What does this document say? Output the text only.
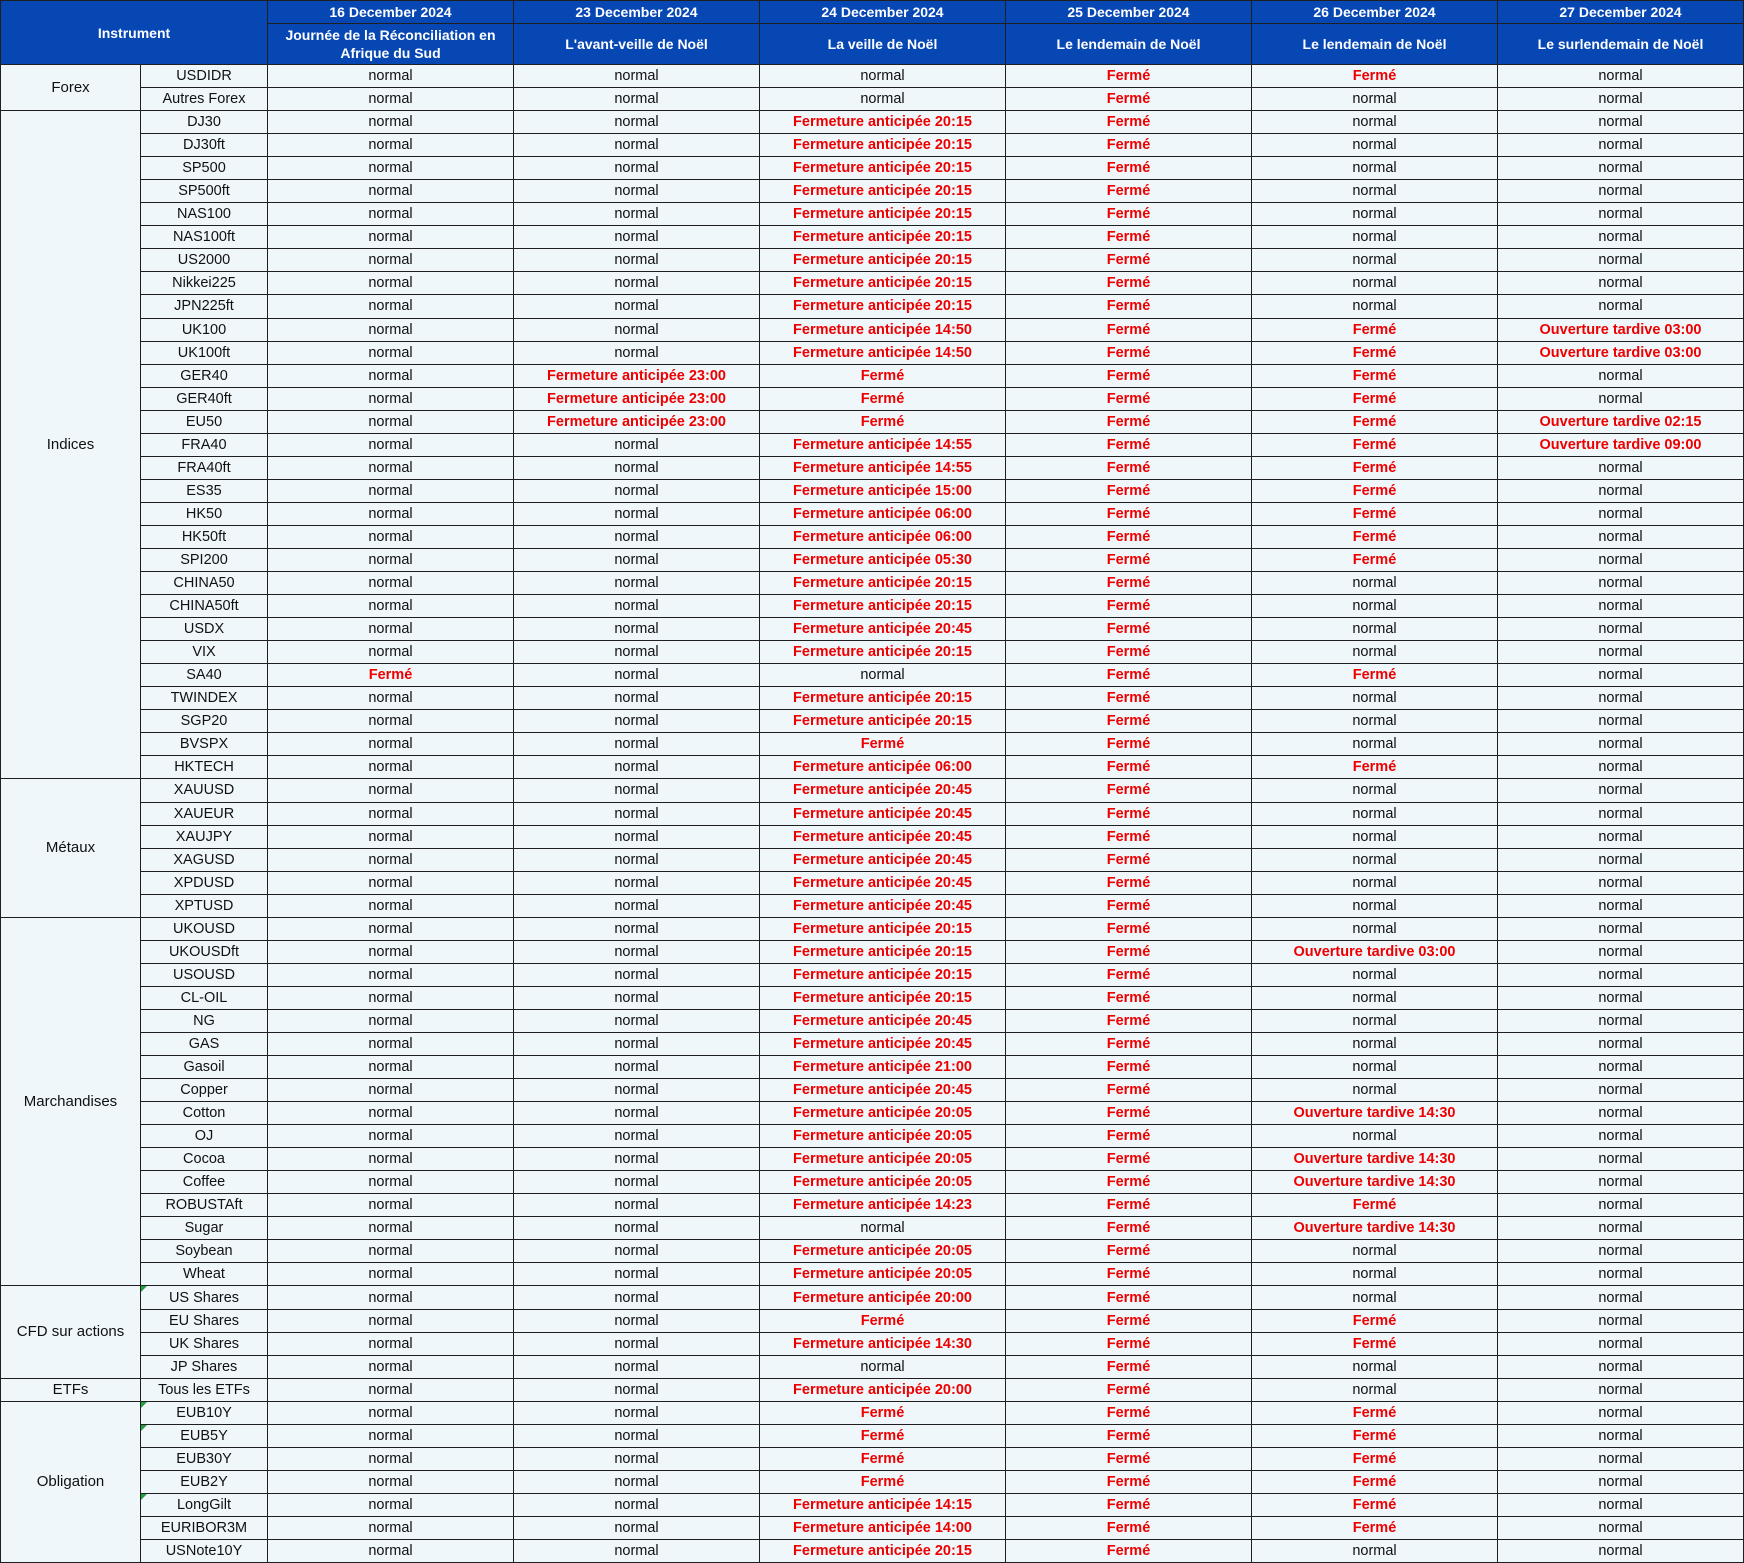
Instrument		16 December 2024	23 December 2024	24 December 2024	25 December 2024	26 December 2024	27 December 2024
		Journée de la Réconciliation en Afrique du Sud	L'avant-veille de Noël	La veille de Noël	Le lendemain de Noël	Le lendemain de Noël	Le surlendemain de Noël
Forex	USDIDR	normal	normal	normal	Fermé	Fermé	normal
	Autres Forex	normal	normal	normal	Fermé	normal	normal
Indices	DJ30	normal	normal	Fermeture anticipée 20:15	Fermé	normal	normal
	DJ30ft	normal	normal	Fermeture anticipée 20:15	Fermé	normal	normal
	SP500	normal	normal	Fermeture anticipée 20:15	Fermé	normal	normal
	SP500ft	normal	normal	Fermeture anticipée 20:15	Fermé	normal	normal
	NAS100	normal	normal	Fermeture anticipée 20:15	Fermé	normal	normal
	NAS100ft	normal	normal	Fermeture anticipée 20:15	Fermé	normal	normal
	US2000	normal	normal	Fermeture anticipée 20:15	Fermé	normal	normal
	Nikkei225	normal	normal	Fermeture anticipée 20:15	Fermé	normal	normal
	JPN225ft	normal	normal	Fermeture anticipée 20:15	Fermé	normal	normal
	UK100	normal	normal	Fermeture anticipée 14:50	Fermé	Fermé	Ouverture tardive 03:00
	UK100ft	normal	normal	Fermeture anticipée 14:50	Fermé	Fermé	Ouverture tardive 03:00
	GER40	normal	Fermeture anticipée 23:00	Fermé	Fermé	Fermé	normal
	GER40ft	normal	Fermeture anticipée 23:00	Fermé	Fermé	Fermé	normal
	EU50	normal	Fermeture anticipée 23:00	Fermé	Fermé	Fermé	Ouverture tardive 02:15
	FRA40	normal	normal	Fermeture anticipée 14:55	Fermé	Fermé	Ouverture tardive 09:00
	FRA40ft	normal	normal	Fermeture anticipée 14:55	Fermé	Fermé	normal
	ES35	normal	normal	Fermeture anticipée 15:00	Fermé	Fermé	normal
	HK50	normal	normal	Fermeture anticipée 06:00	Fermé	Fermé	normal
	HK50ft	normal	normal	Fermeture anticipée 06:00	Fermé	Fermé	normal
	SPI200	normal	normal	Fermeture anticipée 05:30	Fermé	Fermé	normal
	CHINA50	normal	normal	Fermeture anticipée 20:15	Fermé	normal	normal
	CHINA50ft	normal	normal	Fermeture anticipée 20:15	Fermé	normal	normal
	USDX	normal	normal	Fermeture anticipée 20:45	Fermé	normal	normal
	VIX	normal	normal	Fermeture anticipée 20:15	Fermé	normal	normal
	SA40	Fermé	normal	normal	Fermé	Fermé	normal
	TWINDEX	normal	normal	Fermeture anticipée 20:15	Fermé	normal	normal
	SGP20	normal	normal	Fermeture anticipée 20:15	Fermé	normal	normal
	BVSPX	normal	normal	Fermé	Fermé	normal	normal
	HKTECH	normal	normal	Fermeture anticipée 06:00	Fermé	Fermé	normal
Métaux	XAUUSD	normal	normal	Fermeture anticipée 20:45	Fermé	normal	normal
	XAUEUR	normal	normal	Fermeture anticipée 20:45	Fermé	normal	normal
	XAUJPY	normal	normal	Fermeture anticipée 20:45	Fermé	normal	normal
	XAGUSD	normal	normal	Fermeture anticipée 20:45	Fermé	normal	normal
	XPDUSD	normal	normal	Fermeture anticipée 20:45	Fermé	normal	normal
	XPTUSD	normal	normal	Fermeture anticipée 20:45	Fermé	normal	normal
Marchandises	UKOUSD	normal	normal	Fermeture anticipée 20:15	Fermé	normal	normal
	UKOUSDft	normal	normal	Fermeture anticipée 20:15	Fermé	Ouverture tardive 03:00	normal
	USOUSD	normal	normal	Fermeture anticipée 20:15	Fermé	normal	normal
	CL-OIL	normal	normal	Fermeture anticipée 20:15	Fermé	normal	normal
	NG	normal	normal	Fermeture anticipée 20:45	Fermé	normal	normal
	GAS	normal	normal	Fermeture anticipée 20:45	Fermé	normal	normal
	Gasoil	normal	normal	Fermeture anticipée 21:00	Fermé	normal	normal
	Copper	normal	normal	Fermeture anticipée 20:45	Fermé	normal	normal
	Cotton	normal	normal	Fermeture anticipée 20:05	Fermé	Ouverture tardive 14:30	normal
	OJ	normal	normal	Fermeture anticipée 20:05	Fermé	normal	normal
	Cocoa	normal	normal	Fermeture anticipée 20:05	Fermé	Ouverture tardive 14:30	normal
	Coffee	normal	normal	Fermeture anticipée 20:05	Fermé	Ouverture tardive 14:30	normal
	ROBUSTAft	normal	normal	Fermeture anticipée 14:23	Fermé	Fermé	normal
	Sugar	normal	normal	normal	Fermé	Ouverture tardive 14:30	normal
	Soybean	normal	normal	Fermeture anticipée 20:05	Fermé	normal	normal
	Wheat	normal	normal	Fermeture anticipée 20:05	Fermé	normal	normal
CFD sur actions	US Shares	normal	normal	Fermeture anticipée 20:00	Fermé	normal	normal
	EU Shares	normal	normal	Fermé	Fermé	Fermé	normal
	UK Shares	normal	normal	Fermeture anticipée 14:30	Fermé	Fermé	normal
	JP Shares	normal	normal	normal	Fermé	normal	normal
ETFs	Tous les ETFs	normal	normal	Fermeture anticipée 20:00	Fermé	normal	normal
Obligation	EUB10Y	normal	normal	Fermé	Fermé	Fermé	normal
	EUB5Y	normal	normal	Fermé	Fermé	Fermé	normal
	EUB30Y	normal	normal	Fermé	Fermé	Fermé	normal
	EUB2Y	normal	normal	Fermé	Fermé	Fermé	normal
	LongGilt	normal	normal	Fermeture anticipée 14:15	Fermé	Fermé	normal
	EURIBOR3M	normal	normal	Fermeture anticipée 14:00	Fermé	Fermé	normal
	USNote10Y	normal	normal	Fermeture anticipée 20:15	Fermé	normal	normal
